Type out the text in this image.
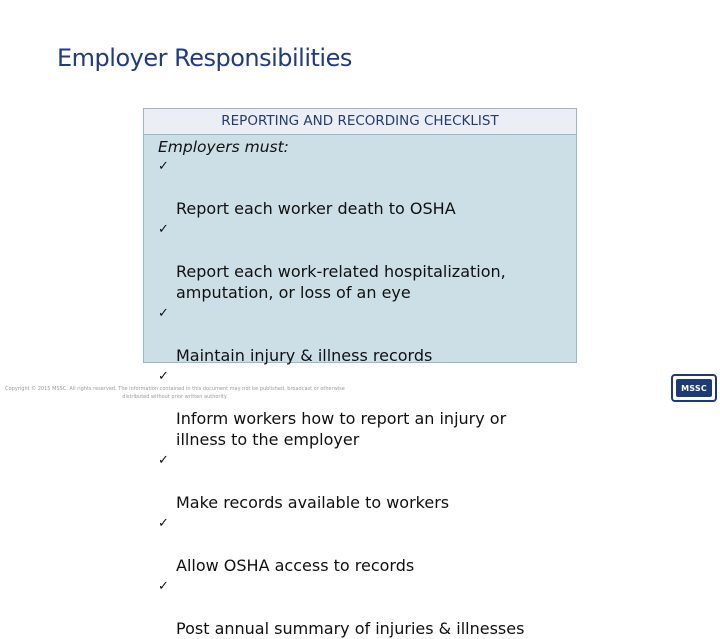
Employer Responsibilities
REPORTING AND RECORDING CHECKLIST
Employers must:

✓

Report each worker death to OSHA

✓

Report each work-related hospitalization,
amputation, or loss of an eye

✓

Maintain injury & illness records

✓

Inform workers how to report an injury or
illness to the employer

✓

Make records available to workers

✓

Allow OSHA access to records

✓

Post annual summary of injuries & illnesses

Copyright © 2015 MSSC. All rights reserved. The information contained in this document may not be published, broadcast or otherwise distributed without prior written authority.
MSSC
